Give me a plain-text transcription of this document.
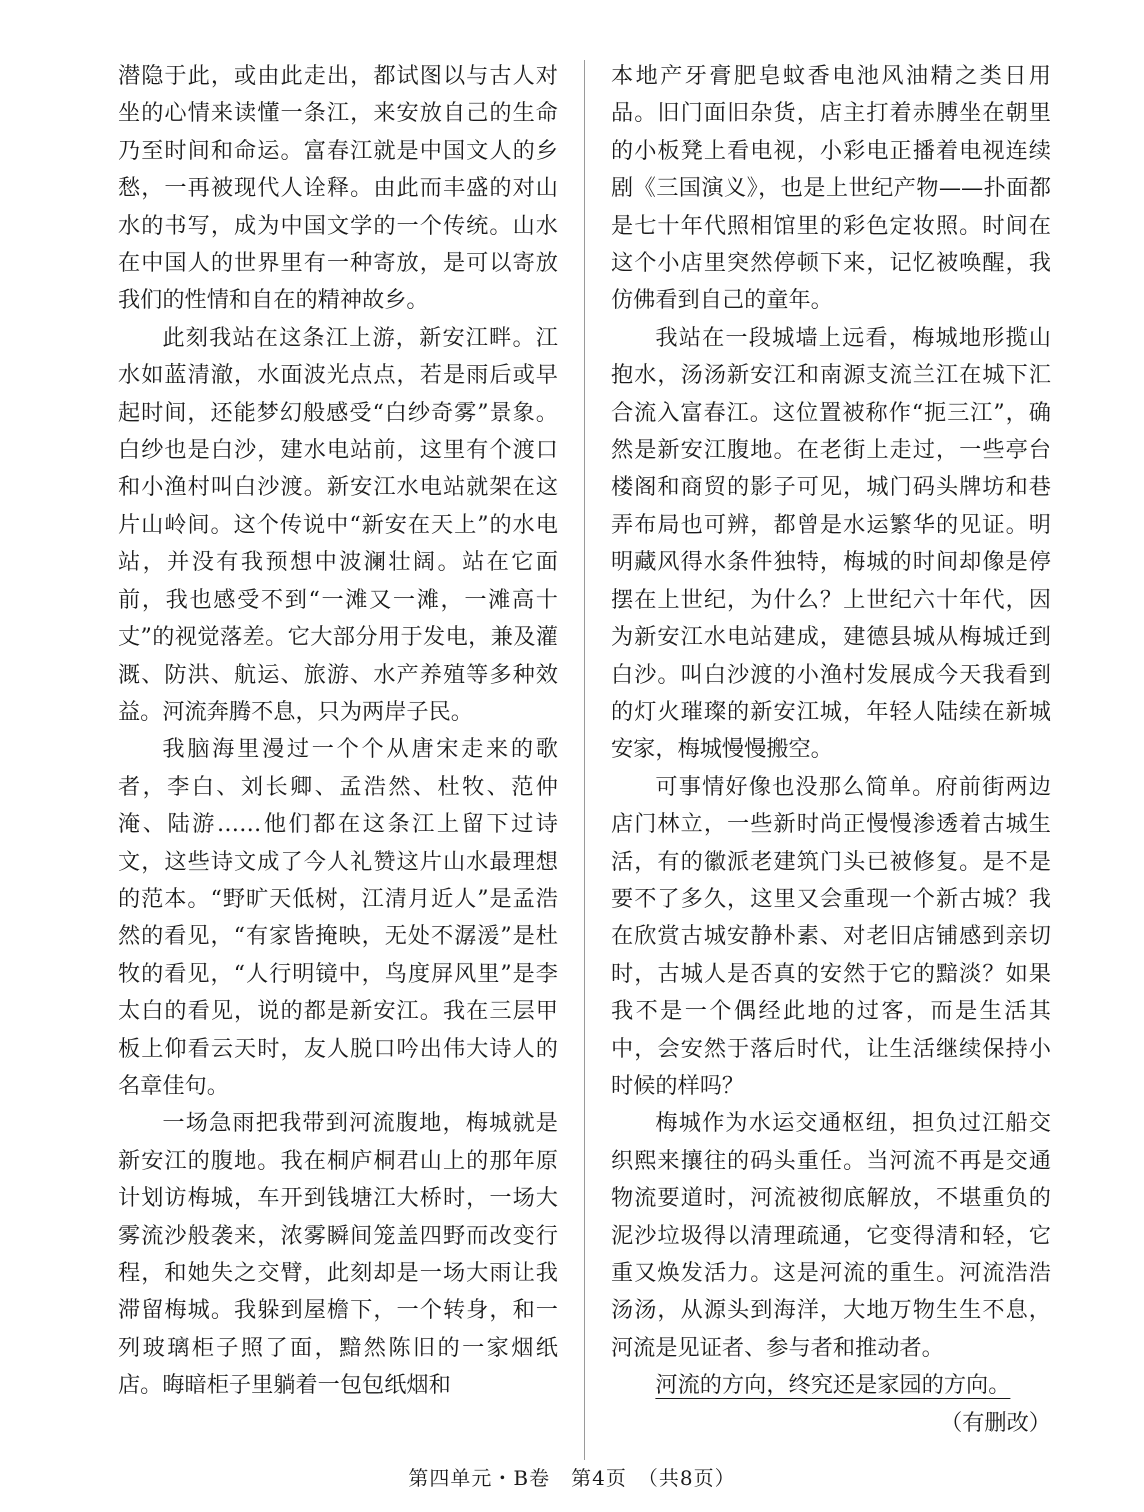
潜隐于此，或由此走出，都试图以与古人对坐的心情来读懂一条江，来安放自己的生命乃至时间和命运。富春江就是中国文人的乡愁，一再被现代人诠释。由此而丰盛的对山水的书写，成为中国文学的一个传统。山水在中国人的世界里有一种寄放，是可以寄放我们的性情和自在的精神故乡。

此刻我站在这条江上游，新安江畔。江水如蓝清澈，水面波光点点，若是雨后或早起时间，还能梦幻般感受“白纱奇雾”景象。白纱也是白沙，建水电站前，这里有个渡口和小渔村叫白沙渡。新安江水电站就架在这片山岭间。这个传说中“新安在天上”的水电站，并没有我预想中波澜壮阔。站在它面前，我也感受不到“一滩又一滩，一滩高十丈”的视觉落差。它大部分用于发电，兼及灌溉、防洪、航运、旅游、水产养殖等多种效益。河流奔腾不息，只为两岸子民。

我脑海里漫过一个个从唐宋走来的歌者，李白、刘长卿、孟浩然、杜牧、范仲淹、陆游……他们都在这条江上留下过诗文，这些诗文成了今人礼赞这片山水最理想的范本。“野旷天低树，江清月近人”是孟浩然的看见，“有家皆掩映，无处不潺湲”是杜牧的看见，“人行明镜中，鸟度屏风里”是李太白的看见，说的都是新安江。我在三层甲板上仰看云天时，友人脱口吟出伟大诗人的名章佳句。

一场急雨把我带到河流腹地，梅城就是新安江的腹地。我在桐庐桐君山上的那年原计划访梅城，车开到钱塘江大桥时，一场大雾流沙般袭来，浓雾瞬间笼盖四野而改变行程，和她失之交臂，此刻却是一场大雨让我滞留梅城。我躲到屋檐下，一个转身，和一列玻璃柜子照了面，黯然陈旧的一家烟纸店。晦暗柜子里躺着一包包纸烟和

本地产牙膏肥皂蚊香电池风油精之类日用品。旧门面旧杂货，店主打着赤膊坐在朝里的小板凳上看电视，小彩电正播着电视连续剧《三国演义》，也是上世纪产物——扑面都是七十年代照相馆里的彩色定妆照。时间在这个小店里突然停顿下来，记忆被唤醒，我仿佛看到自己的童年。

我站在一段城墙上远看，梅城地形揽山抱水，汤汤新安江和南源支流兰江在城下汇合流入富春江。这位置被称作“扼三江”，确然是新安江腹地。在老街上走过，一些亭台楼阁和商贸的影子可见，城门码头牌坊和巷弄布局也可辨，都曾是水运繁华的见证。明明藏风得水条件独特，梅城的时间却像是停摆在上世纪，为什么？上世纪六十年代，因为新安江水电站建成，建德县城从梅城迁到白沙。叫白沙渡的小渔村发展成今天我看到的灯火璀璨的新安江城，年轻人陆续在新城安家，梅城慢慢搬空。

可事情好像也没那么简单。府前街两边店门林立，一些新时尚正慢慢渗透着古城生活，有的徽派老建筑门头已被修复。是不是要不了多久，这里又会重现一个新古城？我在欣赏古城安静朴素、对老旧店铺感到亲切时，古城人是否真的安然于它的黯淡？如果我不是一个偶经此地的过客，而是生活其中，会安然于落后时代，让生活继续保持小时候的样吗？

梅城作为水运交通枢纽，担负过江船交织熙来攘往的码头重任。当河流不再是交通物流要道时，河流被彻底解放，不堪重负的泥沙垃圾得以清理疏通，它变得清和轻，它重又焕发活力。这是河流的重生。河流浩浩汤汤，从源头到海洋，大地万物生生不息，河流是见证者、参与者和推动者。

河流的方向，终究还是家园的方向。

（有删改）

第四单元・B卷　第4页　（共8页）
